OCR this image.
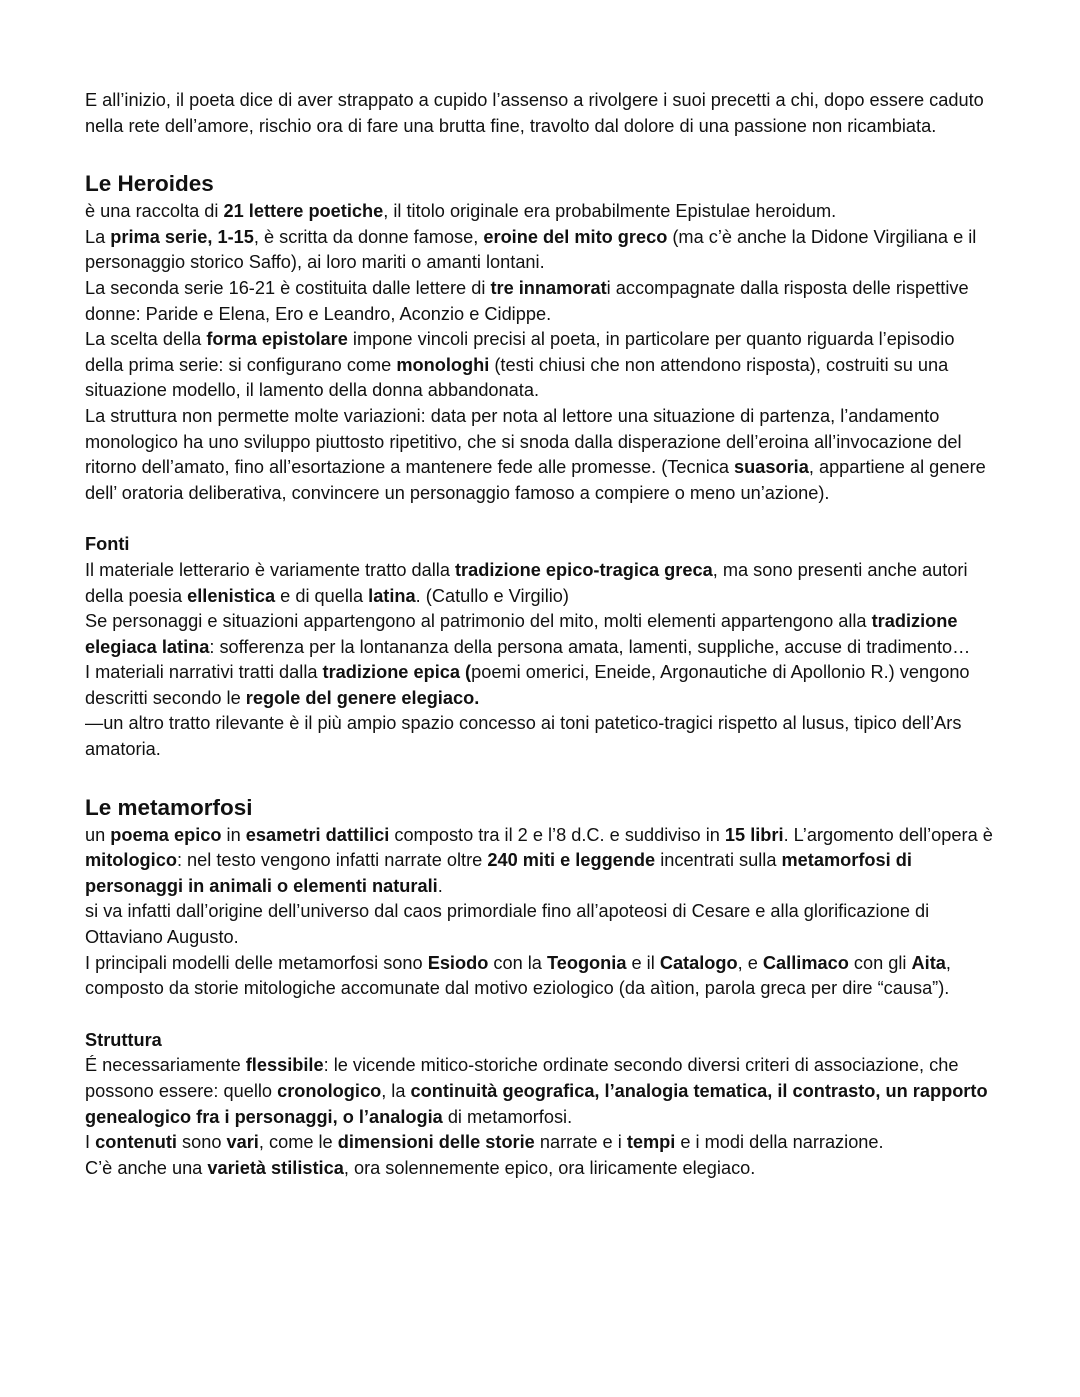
E all’inizio, il poeta dice di aver strappato a cupido l’assenso a rivolgere i suoi precetti a chi, dopo essere caduto nella rete dell’amore, rischio ora di fare una brutta fine, travolto dal dolore di una passione non ricambiata.

Le Heroides

è una raccolta di 21 lettere poetiche, il titolo originale era probabilmente Epistulae heroidum.

La prima serie, 1-15, è scritta da donne famose, eroine del mito greco (ma c’è anche la Didone Virgiliana e il personaggio storico Saffo), ai loro mariti o amanti lontani.

La seconda serie 16-21 è costituita dalle lettere di tre innamorati accompagnate dalla risposta delle rispettive donne: Paride e Elena, Ero e Leandro, Aconzio e Cidippe.

La scelta della forma epistolare impone vincoli precisi al poeta, in particolare per quanto riguarda l’episodio della prima serie: si configurano come monologhi (testi chiusi che non attendono risposta), costruiti su una situazione modello, il lamento della donna abbandonata.

La struttura non permette molte variazioni: data per nota al lettore una situazione di partenza, l’andamento monologico ha uno sviluppo piuttosto ripetitivo, che si snoda dalla disperazione dell’eroina all’invocazione del ritorno dell’amato, fino all’esortazione a mantenere fede alle promesse. (Tecnica suasoria, appartiene al genere dell’ oratoria deliberativa, convincere un personaggio famoso a compiere o meno un’azione).

Fonti

Il materiale letterario è variamente tratto dalla tradizione epico-tragica greca, ma sono presenti anche autori della poesia ellenistica e di quella latina. (Catullo e Virgilio)

Se personaggi e situazioni appartengono al patrimonio del mito, molti elementi appartengono alla tradizione elegiaca latina: sofferenza per la lontananza della persona amata, lamenti, suppliche, accuse di tradimento…

I materiali narrativi tratti dalla tradizione epica (poemi omerici, Eneide, Argonautiche di Apollonio R.) vengono descritti secondo le regole del genere elegiaco.

—un altro tratto rilevante è il più ampio spazio concesso ai toni patetico-tragici rispetto al lusus, tipico dell’Ars amatoria.

Le metamorfosi

un poema epico in esametri dattilici composto tra il 2 e l’8 d.C. e suddiviso in 15 libri. L’argomento dell’opera è mitologico: nel testo vengono infatti narrate oltre 240 miti e leggende incentrati sulla metamorfosi di personaggi in animali o elementi naturali.

si va infatti dall’origine dell’universo dal caos primordiale fino all’apoteosi di Cesare e alla glorificazione di Ottaviano Augusto.

I principali modelli delle metamorfosi sono Esiodo con la Teogonia e il Catalogo, e Callimaco con gli Aita, composto da storie mitologiche accomunate dal motivo eziologico (da aìtion, parola greca per dire “causa”).

Struttura

É necessariamente flessibile: le vicende mitico-storiche ordinate secondo diversi criteri di associazione, che possono essere: quello cronologico, la continuità geografica, l’analogia tematica, il contrasto, un rapporto genealogico fra i personaggi, o l’analogia di metamorfosi.

I contenuti sono vari, come le dimensioni delle storie narrate e i tempi e i modi della narrazione.

C’è anche una varietà stilistica, ora solennemente epico, ora liricamente elegiaco.
